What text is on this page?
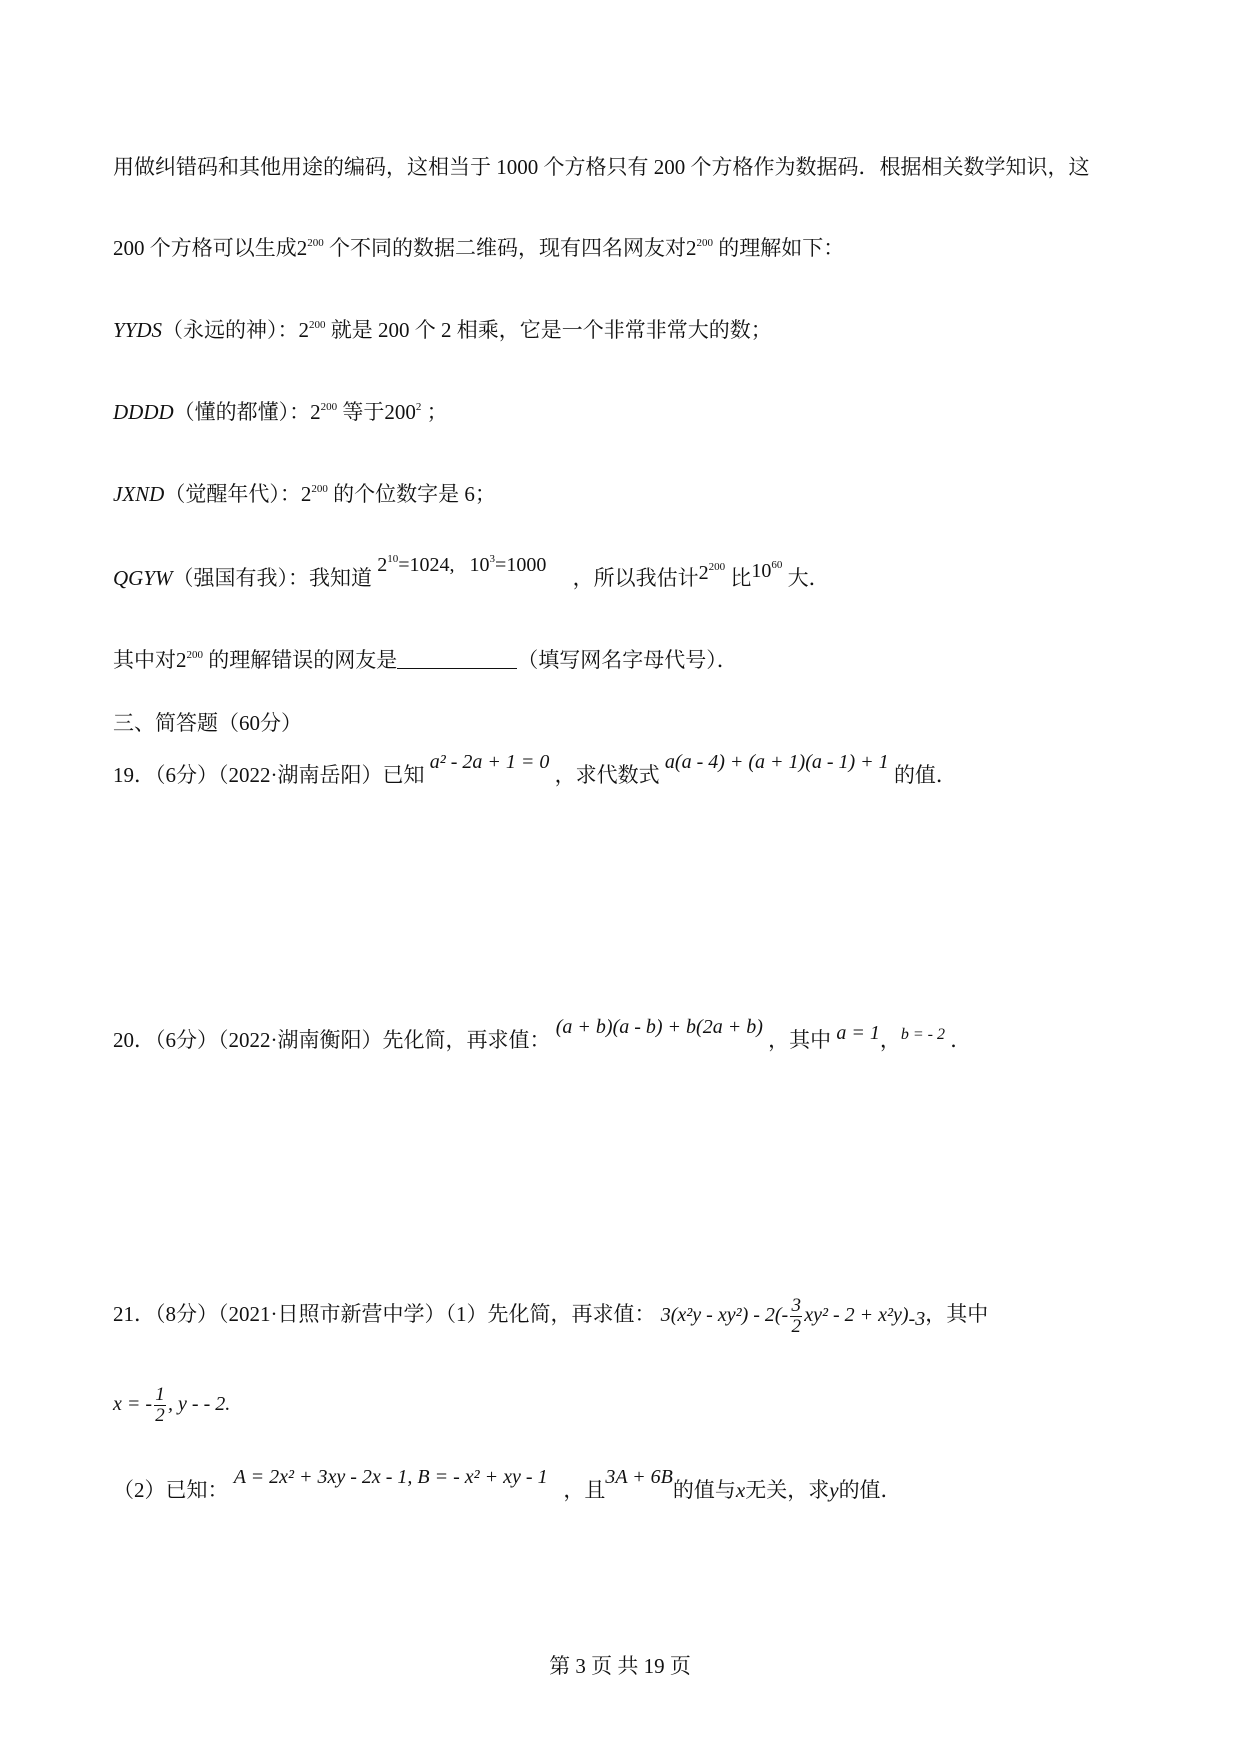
用做纠错码和其他用途的编码，这相当于 1000 个方格只有 200 个方格作为数据码．根据相关数学知识，这
200 个方格可以生成$2^{200}$ 个不同的数据二维码，现有四名网友对$2^{200}$ 的理解如下：
YYDS（永远的神）：$2^{200}$ 就是 200 个 2 相乘，它是一个非常非常大的数；
DDDD（懂的都懂）：$2^{200}$ 等于$200^2$ ；
JXND（觉醒年代）：$2^{200}$ 的个位数字是 6；
QGYW（强国有我）：我知道 $2^{10}=1024$, $10^3=1000$     ，所以我估计$2^{200}$ 比$10^{60}$ 大．
其中对$2^{200}$ 的理解错误的网友是	（填写网名字母代号）．
三、简答题（60分）
19．（6分）（2022·湖南岳阳）已知 a² - 2a + 1 = 0 ，求代数式 a(a - 4) + (a + 1)(a - 1) + 1 的值．
20．（6分）（2022·湖南衡阳）先化简，再求值： (a + b)(a - b) + b(2a + b) ，其中 a = 1，$^{b = - 2}$ ．
21．（8分）（2021·日照市新营中学）（1）先化简，再求值： $3(x^2y - xy^2) - 2(- \frac{3}{2} xy^2 - 2 + x^2y)-3$，其中
x = - $\frac{1}{2}$ , y - - 2.
（2）已知： A = 2x² + 3xy - 2x - 1, B = - x² + xy - 1   ，且3A + 6B的值与x无关，求y的值．
第 3 页 共 19 页
